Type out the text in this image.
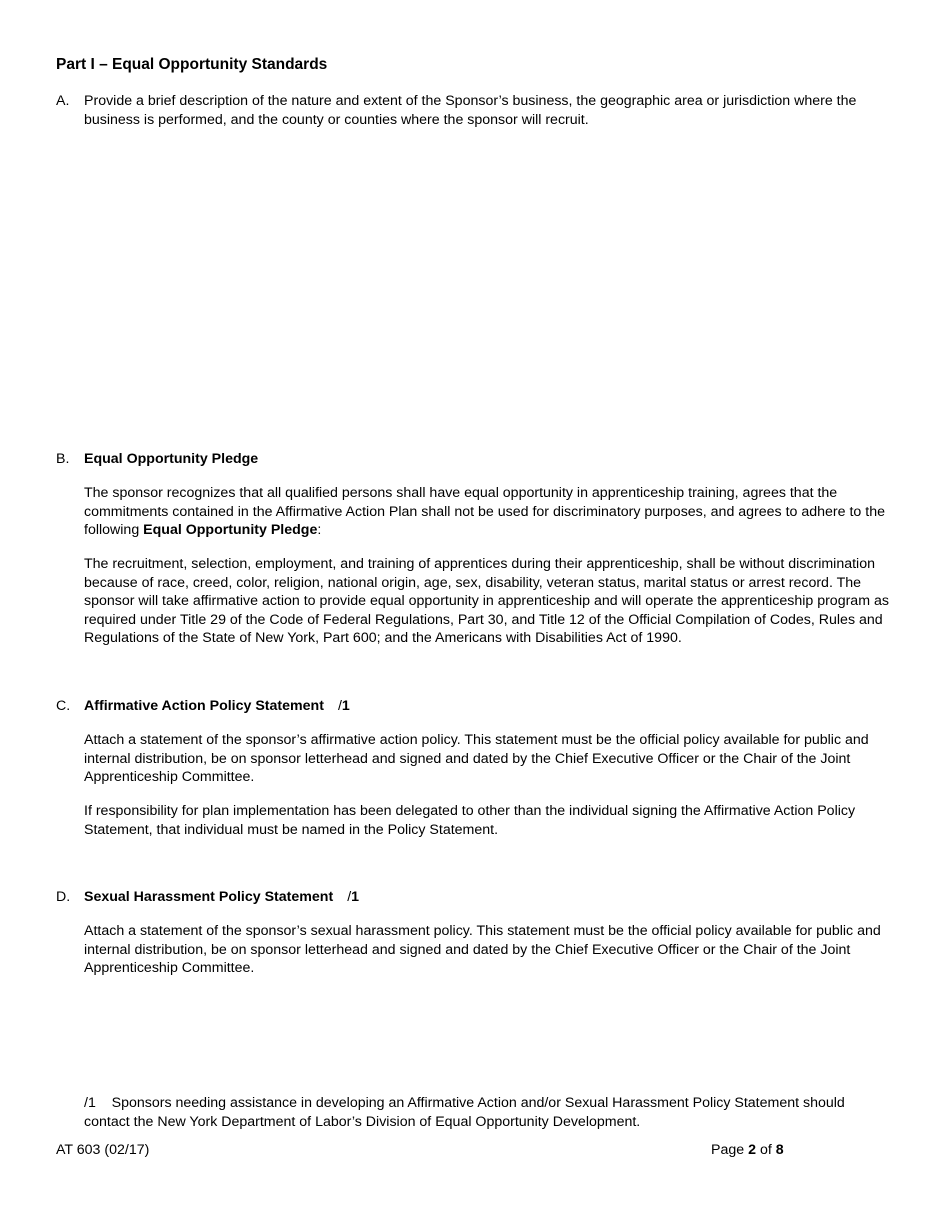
Part I – Equal Opportunity Standards
A. Provide a brief description of the nature and extent of the Sponsor’s business, the geographic area or jurisdiction where the business is performed, and the county or counties where the sponsor will recruit.
B. Equal Opportunity Pledge
The sponsor recognizes that all qualified persons shall have equal opportunity in apprenticeship training, agrees that the commitments contained in the Affirmative Action Plan shall not be used for discriminatory purposes, and agrees to adhere to the following Equal Opportunity Pledge:
The recruitment, selection, employment, and training of apprentices during their apprenticeship, shall be without discrimination because of race, creed, color, religion, national origin, age, sex, disability, veteran status, marital status or arrest record. The sponsor will take affirmative action to provide equal opportunity in apprenticeship and will operate the apprenticeship program as required under Title 29 of the Code of Federal Regulations, Part 30, and Title 12 of the Official Compilation of Codes, Rules and Regulations of the State of New York, Part 600; and the Americans with Disabilities Act of 1990.
C. Affirmative Action Policy Statement /1
Attach a statement of the sponsor’s affirmative action policy. This statement must be the official policy available for public and internal distribution, be on sponsor letterhead and signed and dated by the Chief Executive Officer or the Chair of the Joint Apprenticeship Committee.
If responsibility for plan implementation has been delegated to other than the individual signing the Affirmative Action Policy Statement, that individual must be named in the Policy Statement.
D. Sexual Harassment Policy Statement /1
Attach a statement of the sponsor’s sexual harassment policy. This statement must be the official policy available for public and internal distribution, be on sponsor letterhead and signed and dated by the Chief Executive Officer or the Chair of the Joint Apprenticeship Committee.
/1 Sponsors needing assistance in developing an Affirmative Action and/or Sexual Harassment Policy Statement should contact the New York Department of Labor’s Division of Equal Opportunity Development.
AT 603 (02/17)	Page 2 of 8
